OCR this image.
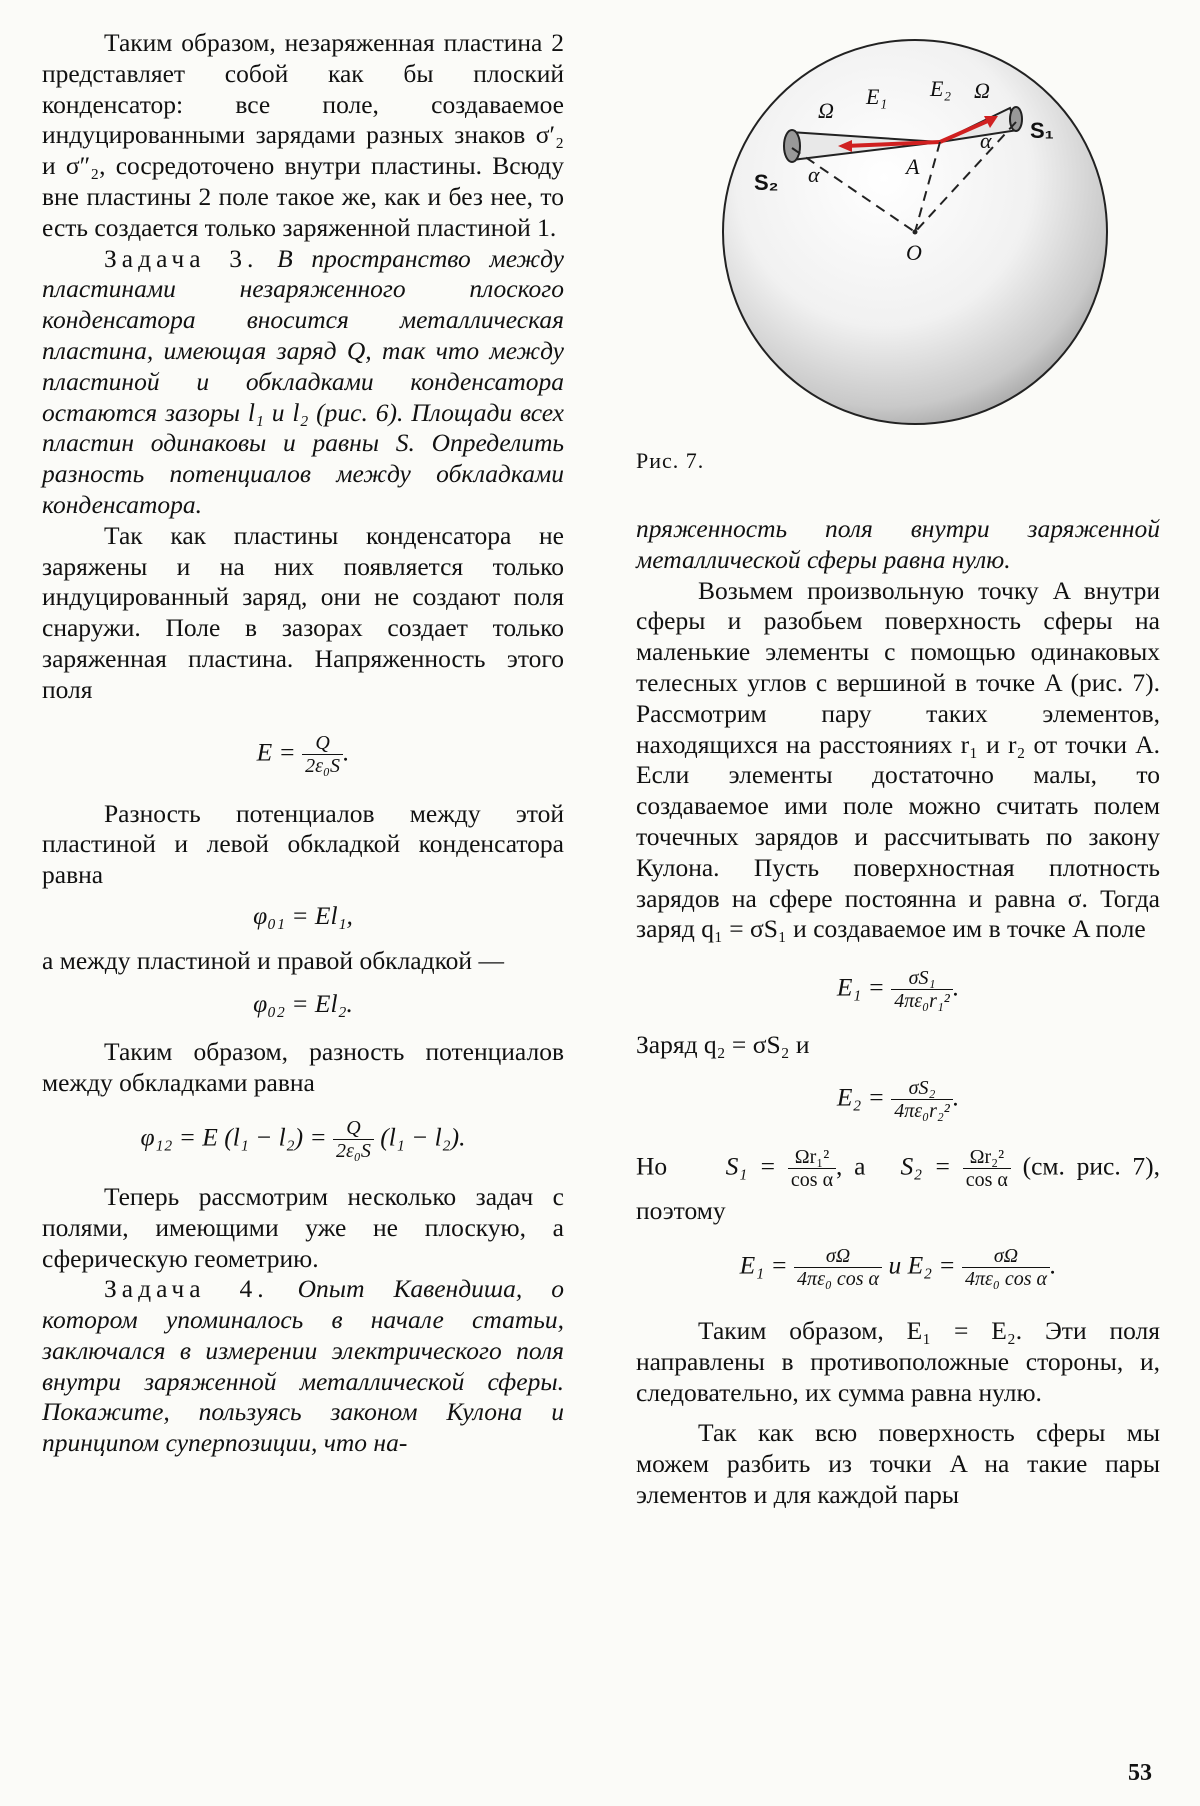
Таким образом, незаряженная пластина 2 представляет собой как бы плоский конденсатор: все поле, создаваемое индуцированными зарядами разных знаков σ′₂ и σ″₂, сосредоточено внутри пластины. Всюду вне пластины 2 поле такое же, как и без нее, то есть создается только заряженной пластиной 1.

Задача 3. В пространство между пластинами незаряженного плоского конденсатора вносится металлическая пластина, имеющая заряд Q, так что между пластиной и обкладками конденсатора остаются зазоры l₁ и l₂ (рис. 6). Площади всех пластин одинаковы и равны S. Определить разность потенциалов между обкладками конденсатора.

Так как пластины конденсатора не заряжены и на них появляется только индуцированный заряд, они не создают поля снаружи. Поле в зазорах создает только заряженная пластина. Напряженность этого поля

$E = \frac{Q}{\text{2ε₀S}}$ .

Разность потенциалов между этой пластиной и левой обкладкой конденсатора равна

φ₀₁ = El₁,

а между пластиной и правой обкладкой —

φ₀₂ = El₂.

Таким образом, разность потенциалов между обкладками равна

φ₁₂ = E $(l_1 - l_2) = \frac{Q}{\text{2ε₀S}} (l_1 - l_2)$.

Теперь рассмотрим несколько задач с полями, имеющими уже не плоскую, а сферическую геометрию.

Задача 4. Опыт Кавендиша, о котором упоминалось в начале статьи, заключался в измерении электрического поля внутри заряженной металлической сферы. Покажите, пользуясь законом Кулона и принципом суперпозиции, что на-

Ω
E₁ E₂ Ω
A
O
α
α S₁
S₂
Рис. 7.

пряженность поля внутри заряженной металлической сферы равна нулю.

Возьмем произвольную точку A внутри сферы и разобьем поверхность сферы на маленькие элементы с помощью одинаковых телесных углов с вершиной в точке A (рис. 7). Рассмотрим пару таких элементов, находящихся на расстояниях r₁ и r₂ от точки A. Если элементы достаточно малы, то создаваемое ими поле можно считать полем точечных зарядов и рассчитывать по закону Кулона. Пусть поверхностная плотность зарядов на сфере постоянна и равна σ. Тогда заряд q₁ = σS₁ и создаваемое им в точке A поле

$E_1 = \frac{\text{σS₁}}{\text{4πε₀r₁²}}$ .

Заряд q₂ = σS₂ и

$E_2 = \frac{\text{σS₂}}{\text{4πε₀r₂²}}$ .

Но $S_1 = \frac{\text{Ωr₁²}}{\text{cos α}}$ , а $S_2 = \frac{\text{Ωr₂²}}{\text{cos α}} (см$. рис. 7), поэтому

$E_1 = \frac{\sigma\Omega}{\text{4πε₀ cos α}}$ и $E_2 = \frac{\sigma\Omega}{\text{4πε₀ cos α}}$ .

Таким образом, E₁ = E₂. Эти поля направлены в противоположные стороны, и, следовательно, их сумма равна нулю.

Так как всю поверхность сферы мы можем разбить из точки A на такие пары элементов и для каждой пары

53
